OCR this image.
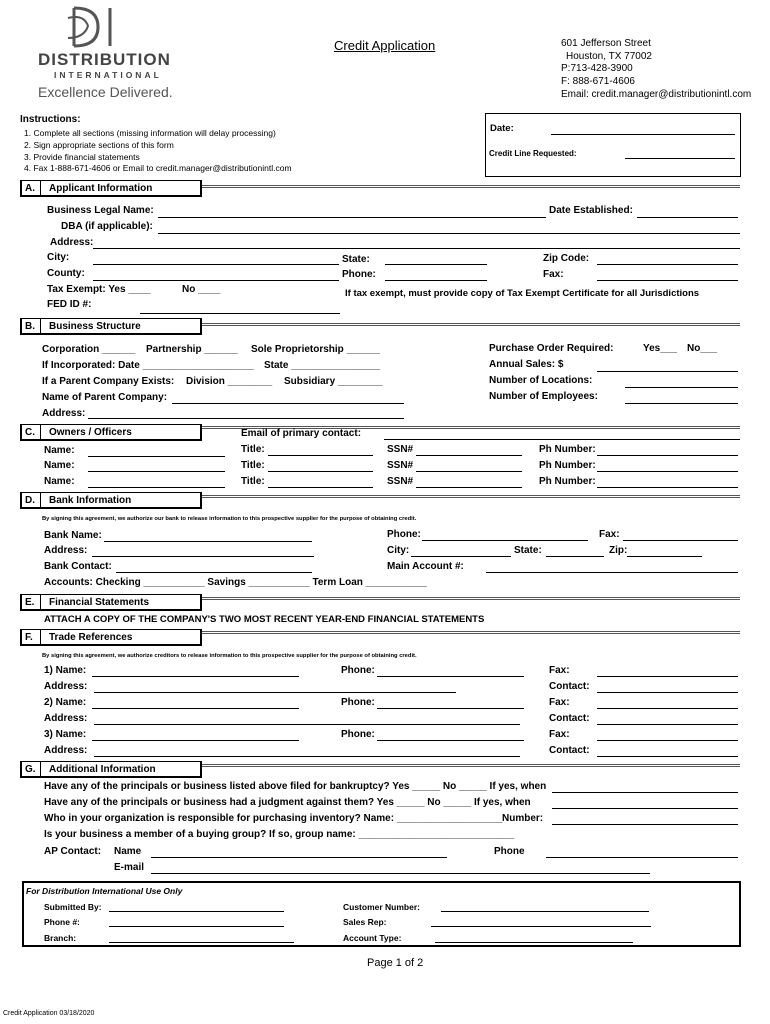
DISTRIBUTION
INTERNATIONAL
Excellence Delivered.
Credit Application	601 Jefferson Street
Houston, TX 77002
P:713-428-3900
F: 888-671-4606
Email: credit.manager@distributionintl.com
Instructions:
1. Complete all sections (missing information will delay processing)
2. Sign appropriate sections of this form
3. Provide financial statements
4. Fax 1-888-671-4606 or Email to credit.manager@distributionintl.com
Date:
Credit Line Requested:
A.	Applicant Information
Business Legal Name:	Date Established:
DBA (if applicable):
Address:
City:	State:	Zip Code:
County:	Phone:	Fax:
Tax Exempt: Yes ____	No ____	If tax exempt, must provide copy of Tax Exempt Certificate for all Jurisdictions
FED ID #:
B.	Business Structure
Corporation ______ Partnership ______ Sole Proprietorship ______
If Incorporated: Date ____________________ State ________________
If a Parent Company Exists: Division ________ Subsidiary ________
Name of Parent Company:
Address:
Purchase Order Required:	Yes___ No___
Annual Sales: $
Number of Locations:
Number of Employees:
C.	Owners / Officers	Email of primary contact:
Name:	Title:	SSN#	Ph Number:
Name:	Title:	SSN#	Ph Number:
Name:	Title:	SSN#	Ph Number:
D.	Bank Information
By signing this agreement, we authorize our bank to release information to this prospective supplier for the purpose of obtaining credit.
Bank Name:	Phone:	Fax:
Address:	City:	State:	Zip:
Bank Contact:	Main Account #:
Accounts: Checking ___________ Savings ___________ Term Loan ___________
E.	Financial Statements
ATTACH A COPY OF THE COMPANY'S TWO MOST RECENT YEAR-END FINANCIAL STATEMENTS
F.	Trade References
By signing this agreement, we authorize creditors to release information to this prospective supplier for the purpose of obtaining credit.
1) Name:	Phone:	Fax:
Address:	Contact:
2) Name:	Phone:	Fax:
Address:	Contact:
3) Name:	Phone:	Fax:
Address:	Contact:
G.	Additional Information
Have any of the principals or business listed above filed for bankruptcy? Yes _____ No _____ If yes, when
Have any of the principals or business had a judgment against them? Yes _____ No _____ If yes, when
Who in your organization is responsible for purchasing inventory? Name: ___________________ Number:
Is your business a member of a buying group? If so, group name: ____________________________
AP Contact: Name	Phone
E-mail
For Distribution International Use Only
Submitted By:	Customer Number:
Phone #:	Sales Rep:
Branch:	Account Type:
Page 1 of 2
Credit Application 03/18/2020
